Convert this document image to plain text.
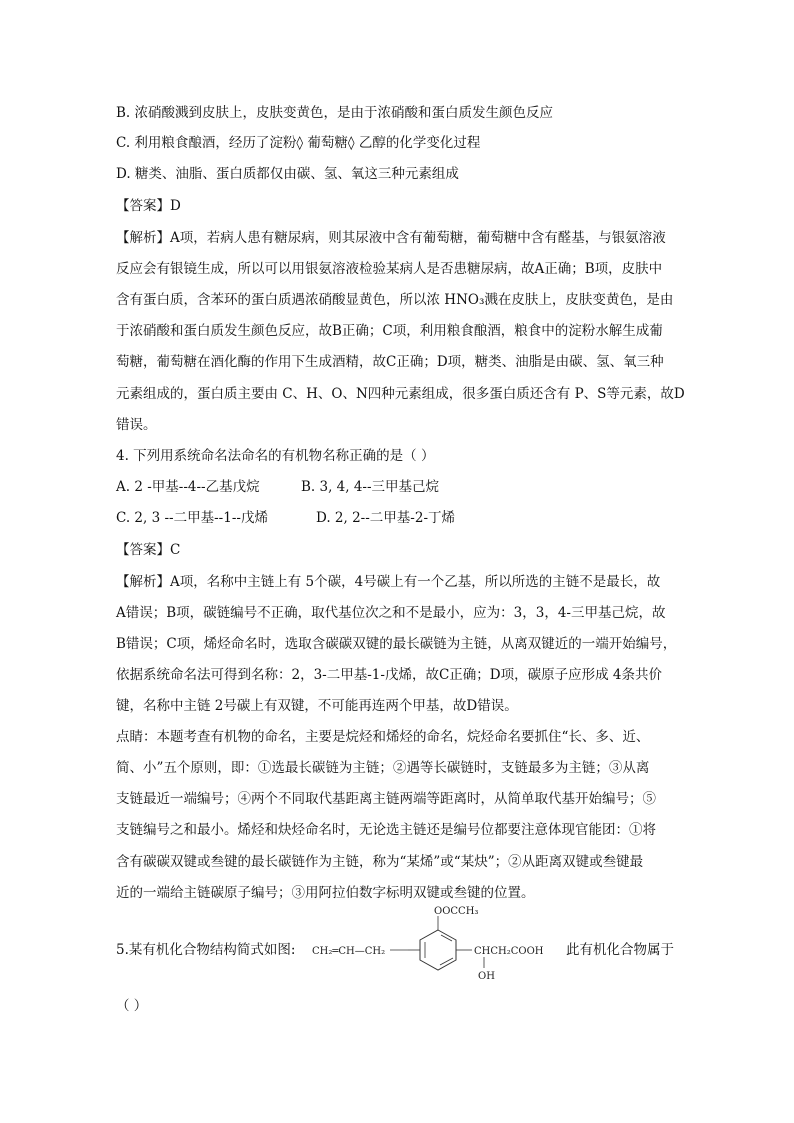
B. 浓硝酸溅到皮肤上，皮肤变黄色，是由于浓硝酸和蛋白质发生颜色反应
C. 利用粮食酿酒，经历了淀粉◊ 葡萄糖◊ 乙醇的化学变化过程
D. 糖类、油脂、蛋白质都仅由碳、氢、氧这三种元素组成
【答案】D
【解析】A项，若病人患有糖尿病，则其尿液中含有葡萄糖，葡萄糖中含有醛基，与银氨溶液
反应会有银镜生成，所以可以用银氨溶液检验某病人是否患糖尿病，故A正确；B项，皮肤中
含有蛋白质，含苯环的蛋白质遇浓硝酸显黄色，所以浓 HNO₃溅在皮肤上，皮肤变黄色，是由
于浓硝酸和蛋白质发生颜色反应，故B正确；C项，利用粮食酿酒，粮食中的淀粉水解生成葡
萄糖，葡萄糖在酒化酶的作用下生成酒精，故C正确；D项，糖类、油脂是由碳、氢、氧三种
元素组成的，蛋白质主要由 C、H、O、N四种元素组成，很多蛋白质还含有 P、S等元素，故D
错误。
4. 下列用系统命名法命名的有机物名称正确的是（ ）
A. 2 -甲基--4--乙基戊烷	B. 3, 4, 4--三甲基己烷
C. 2, 3 --二甲基--1--戊烯	D. 2, 2--二甲基-2-丁烯
【答案】C
【解析】A项，名称中主链上有 5个碳，4号碳上有一个乙基，所以所选的主链不是最长，故
A错误；B项，碳链编号不正确，取代基位次之和不是最小，应为：3，3，4-三甲基己烷，故
B错误；C项，烯烃命名时，选取含碳碳双键的最长碳链为主链，从离双键近的一端开始编号，
依据系统命名法可得到名称：2，3-二甲基-1-戊烯，故C正确；D项，碳原子应形成 4条共价
键，名称中主链 2号碳上有双键，不可能再连两个甲基，故D错误。
点睛：本题考查有机物的命名，主要是烷烃和烯烃的命名，烷烃命名要抓住“长、多、近、
简、小”五个原则，即：①选最长碳链为主链；②遇等长碳链时，支链最多为主链；③从离
支链最近一端编号；④两个不同取代基距离主链两端等距离时，从简单取代基开始编号；⑤
支链编号之和最小。烯烃和炔烃命名时，无论选主链还是编号位都要注意体现官能团：①将
含有碳碳双键或叁键的最长碳链作为主链，称为“某烯”或“某炔”；②从距离双键或叁键最
近的一端给主链碳原子编号；③用阿拉伯数字标明双键或叁键的位置。
5.某有机化合物结构简式如图:	CH₂═CH—CH₂
OOCCH₃
CHCH₂COOH
OH
此有机化合物属于
（ ）
